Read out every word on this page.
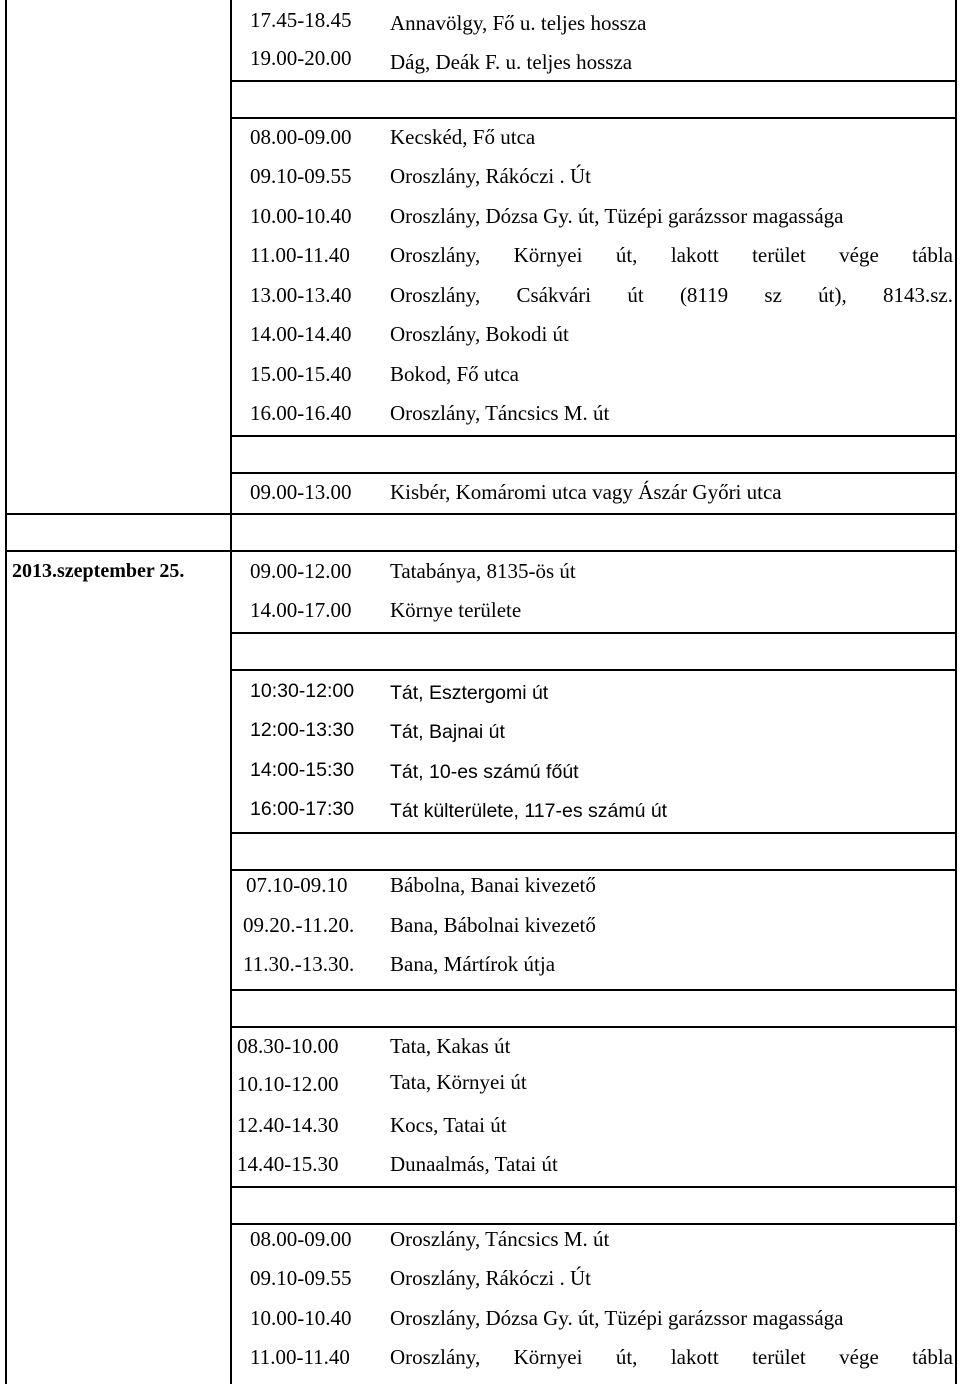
17.45-18.45 Annavölgy, Fő u. teljes hossza
19.00-20.00 Dág, Deák F. u. teljes hossza
08.00-09.00 Kecskéd, Fő utca
09.10-09.55 Oroszlány, Rákóczi . Út
10.00-10.40 Oroszlány, Dózsa Gy. út, Tüzépi garázssor magassága
11.00-11.40 Oroszlány, Környei út, lakott terület vége tábla
13.00-13.40 Oroszlány, Csákvári út (8119 sz út), 8143.sz.
14.00-14.40 Oroszlány, Bokodi út
15.00-15.40 Bokod, Fő utca
16.00-16.40 Oroszlány, Táncsics M. út
09.00-13.00 Kisbér, Komáromi utca vagy Ászár Győri utca
2013.szeptember 25.	09.00-12.00 Tatabánya, 8135-ös út
14.00-17.00 Környe területe
10:30-12:00 Tát, Esztergomi út
12:00-13:30 Tát, Bajnai út
14:00-15:30 Tát, 10-es számú főút
16:00-17:30 Tát külterülete, 117-es számú út
07.10-09.10 Bábolna, Banai kivezető
09.20.-11.20. Bana, Bábolnai kivezető
11.30.-13.30. Bana, Mártírok útja
08.30-10.00 Tata, Kakas út
10.10-12.00 Tata, Környei út
12.40-14.30 Kocs, Tatai út
14.40-15.30 Dunaalmás, Tatai út
08.00-09.00 Oroszlány, Táncsics M. út
09.10-09.55 Oroszlány, Rákóczi . Út
10.00-10.40 Oroszlány, Dózsa Gy. út, Tüzépi garázssor magassága
11.00-11.40 Oroszlány, Környei út, lakott terület vége tábla
